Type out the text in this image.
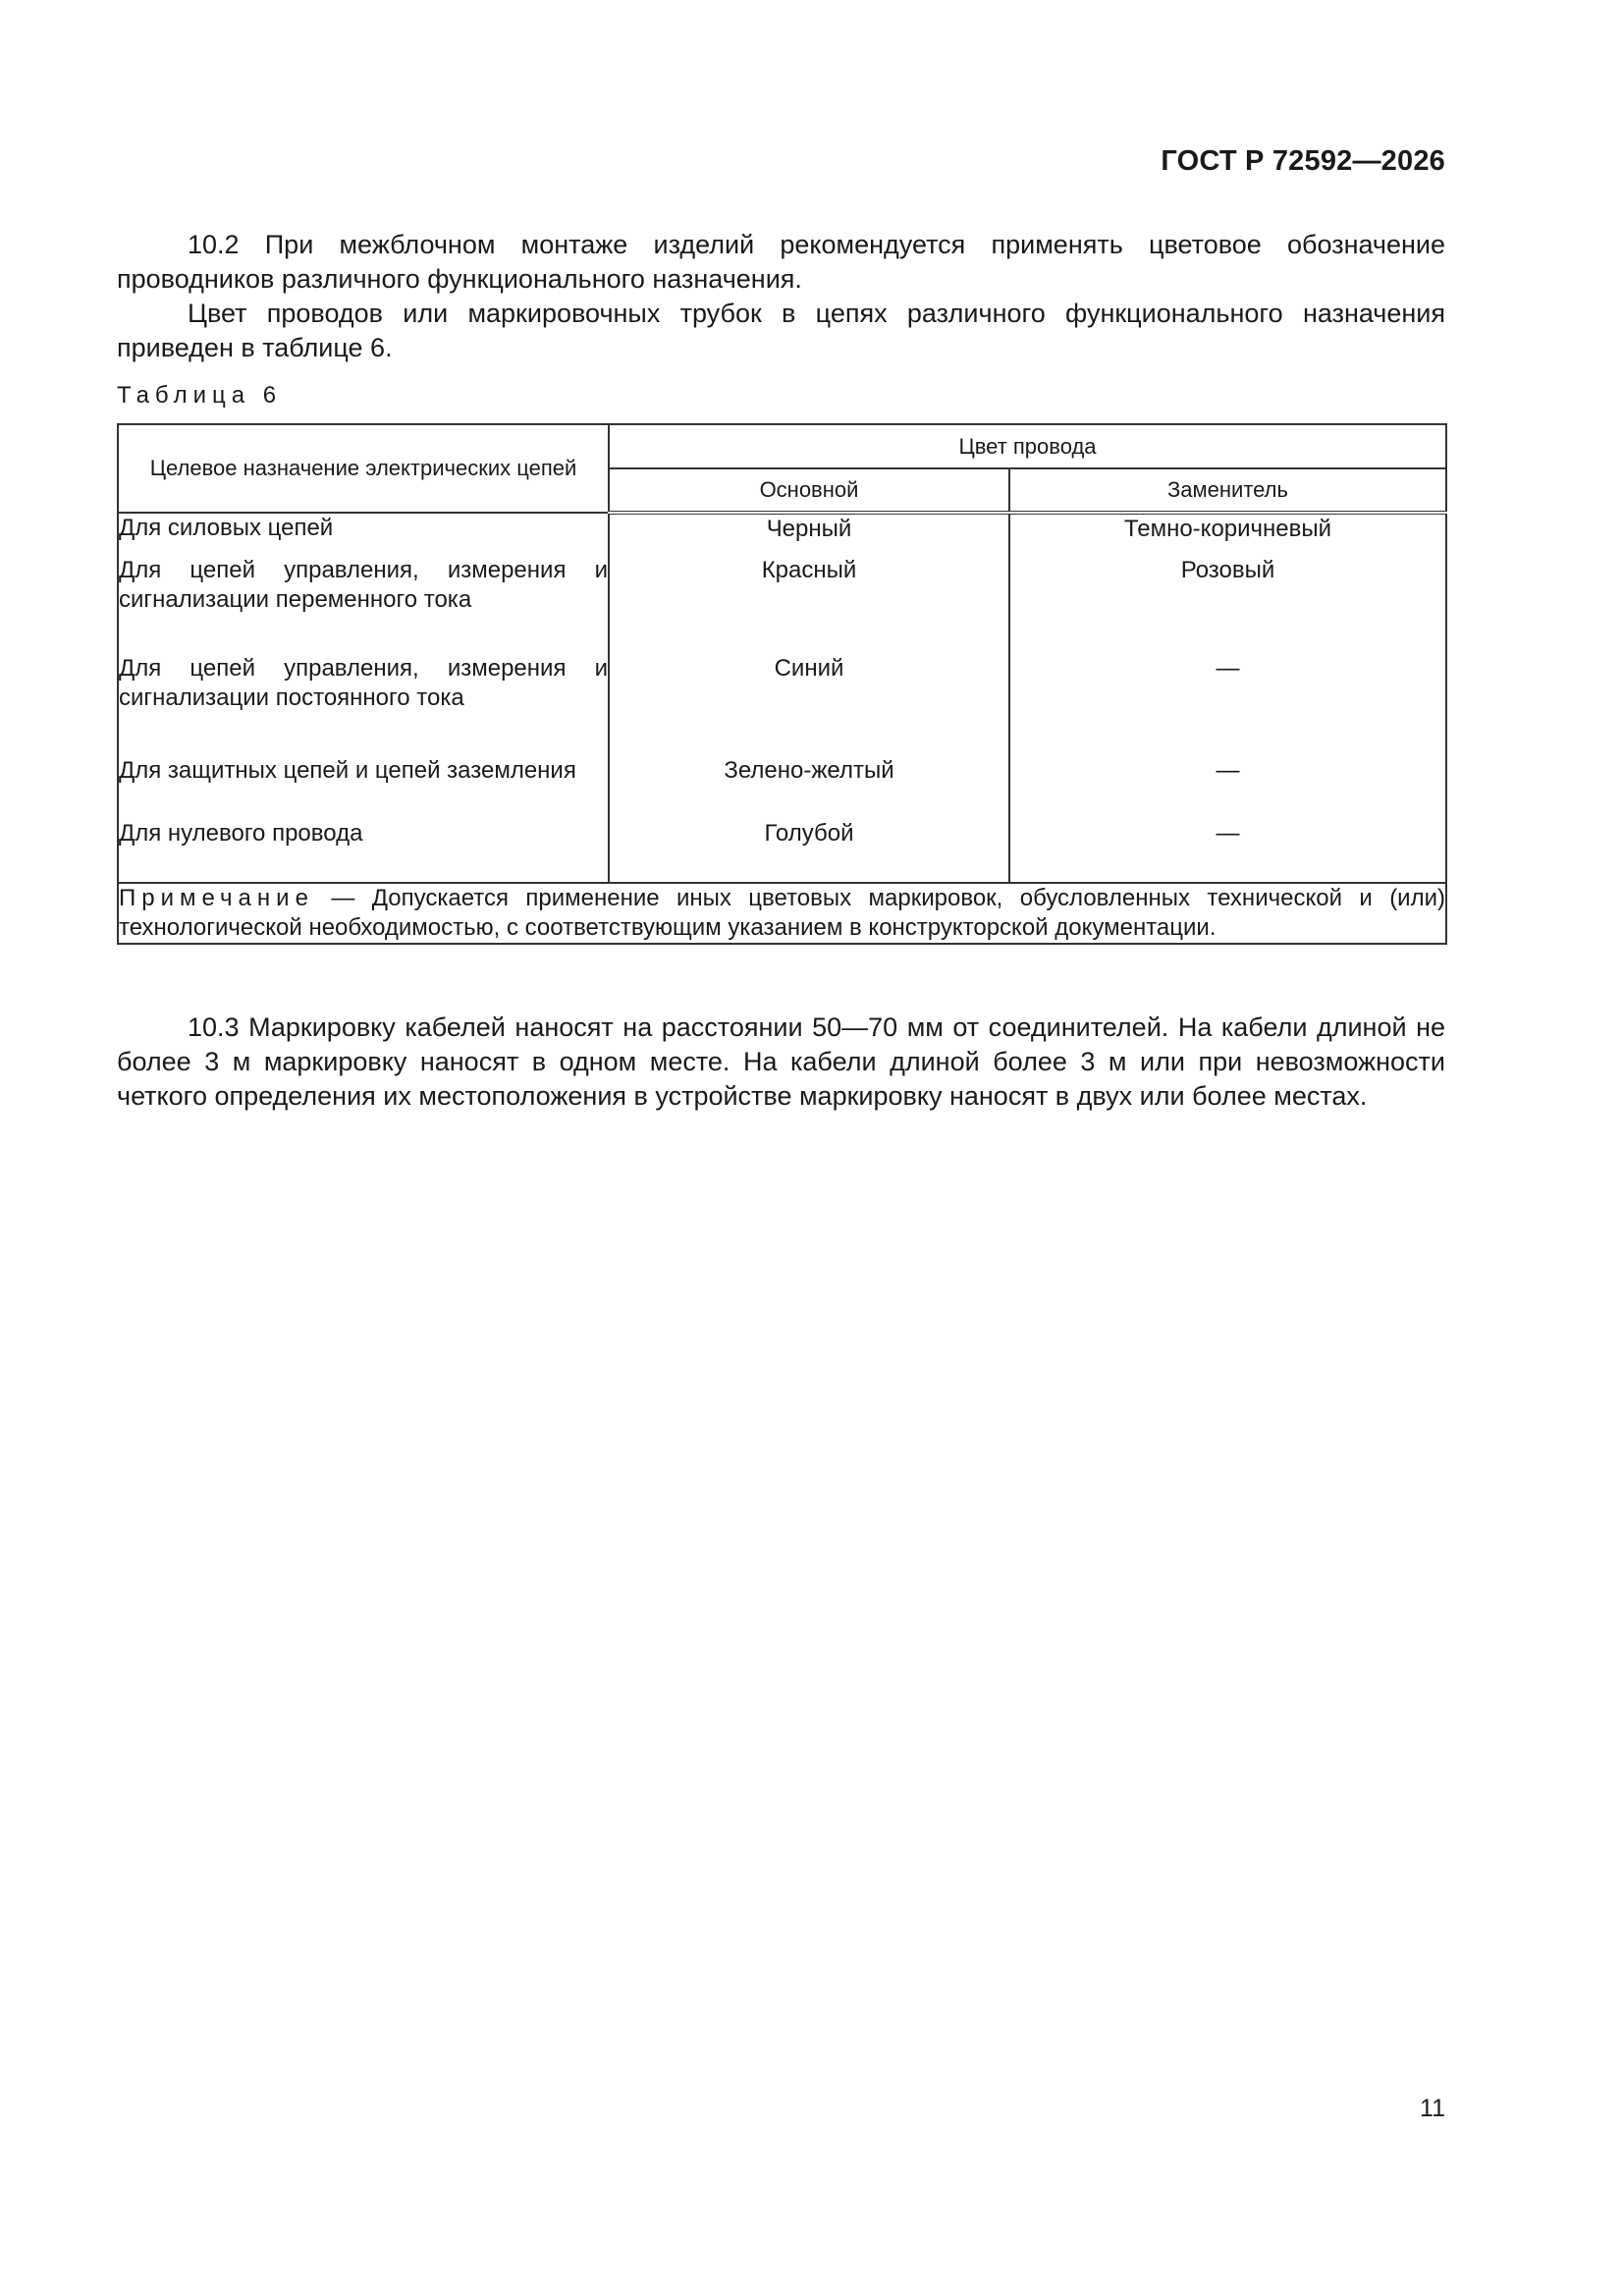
ГОСТ Р 72592—2026

10.2 При межблочном монтаже изделий рекомендуется применять цветовое обозначение проводников различного функционального назначения.

Цвет проводов или маркировочных трубок в цепях различного функционального назначения приведен в таблице 6.

Таблица 6
Целевое назначение электрических цепей	Цвет провода	
	Основной	Заменитель
Для силовых цепей	Черный	Темно-коричневый
Для цепей управления, измерения и сигнализации переменного тока	Красный	Розовый
Для цепей управления, измерения и сигнализации постоянного тока	Синий	—
Для защитных цепей и цепей заземления	Зелено-желтый	—
Для нулевого провода	Голубой	—
Примечание — Допускается применение иных цветовых маркировок, обусловленных технической и (или) технологической необходимостью, с соответствующим указанием в конструкторской документации.		

10.3 Маркировку кабелей наносят на расстоянии 50—70 мм от соединителей. На кабели длиной не более 3 м маркировку наносят в одном месте. На кабели длиной более 3 м или при невозможности четкого определения их местоположения в устройстве маркировку наносят в двух или более местах.

11
